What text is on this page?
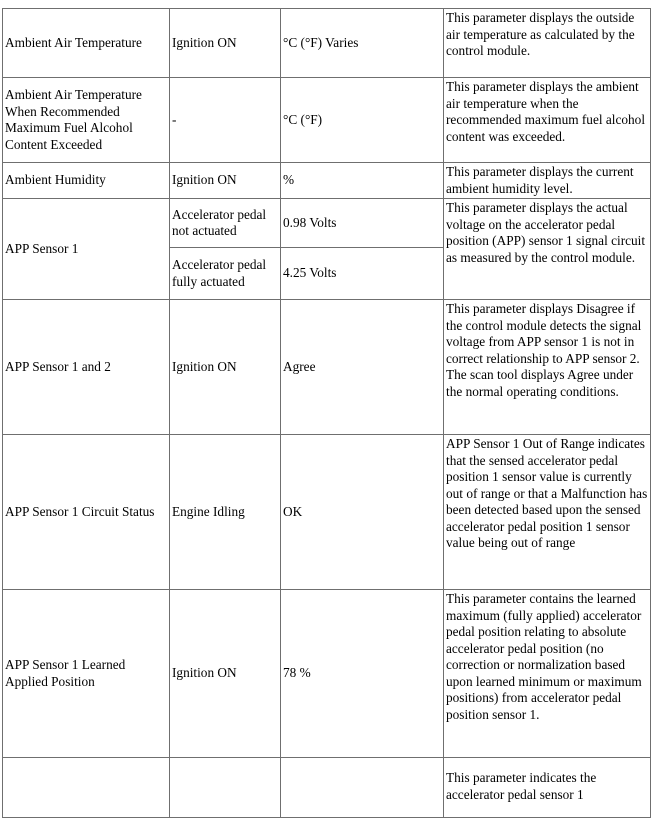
Ambient Air Temperature	Ignition ON	°C (°F) Varies	This parameter displays the outside air temperature as calculated by the control module.
Ambient Air Temperature When Recommended Maximum Fuel Alcohol Content Exceeded	-	°C (°F)	This parameter displays the ambient air temperature when the recommended maximum fuel alcohol content was exceeded.
Ambient Humidity	Ignition ON	%	This parameter displays the current ambient humidity level.
APP Sensor 1	Accelerator pedal not actuated	0.98 Volts	This parameter displays the actual voltage on the accelerator pedal position (APP) sensor 1 signal circuit as measured by the control module.
	Accelerator pedal fully actuated	4.25 Volts	
APP Sensor 1 and 2	Ignition ON	Agree	This parameter displays Disagree if the control module detects the signal voltage from APP sensor 1 is not in correct relationship to APP sensor 2. The scan tool displays Agree under the normal operating conditions.
APP Sensor 1 Circuit Status	Engine Idling	OK	APP Sensor 1 Out of Range indicates that the sensed accelerator pedal position 1 sensor value is currently out of range or that a Malfunction has been detected based upon the sensed accelerator pedal position 1 sensor value being out of range
APP Sensor 1 Learned Applied Position	Ignition ON	78 %	This parameter contains the learned maximum (fully applied) accelerator pedal position relating to absolute accelerator pedal position (no correction or normalization based upon learned minimum or maximum positions) from accelerator pedal position sensor 1.
			This parameter indicates the accelerator pedal sensor 1
